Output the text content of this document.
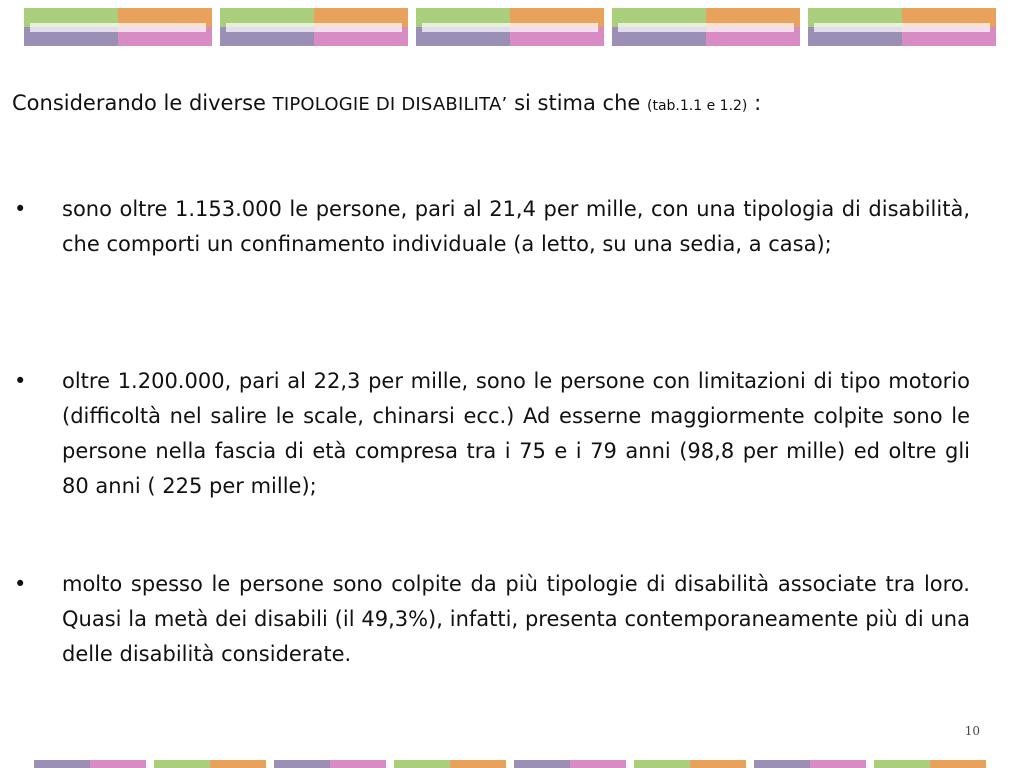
Considerando le diverse TIPOLOGIE DI DISABILITA’ si stima che (tab.1.1 e 1.2) :
•	sono oltre 1.153.000 le persone, pari al 21,4 per mille, con una tipologia di disabilità, che comporti un confinamento individuale (a letto, su una sedia, a casa);
•	oltre 1.200.000, pari al 22,3 per mille, sono le persone con limitazioni di tipo motorio (difficoltà nel salire le scale, chinarsi ecc.) Ad esserne maggiormente colpite sono le persone nella fascia di età compresa tra i 75 e i 79 anni (98,8 per mille) ed oltre gli 80 anni ( 225 per mille);
•	molto spesso le persone sono colpite da più tipologie di disabilità associate tra loro. Quasi la metà dei disabili (il 49,3%), infatti, presenta contemporaneamente più di una delle disabilità considerate.
10
